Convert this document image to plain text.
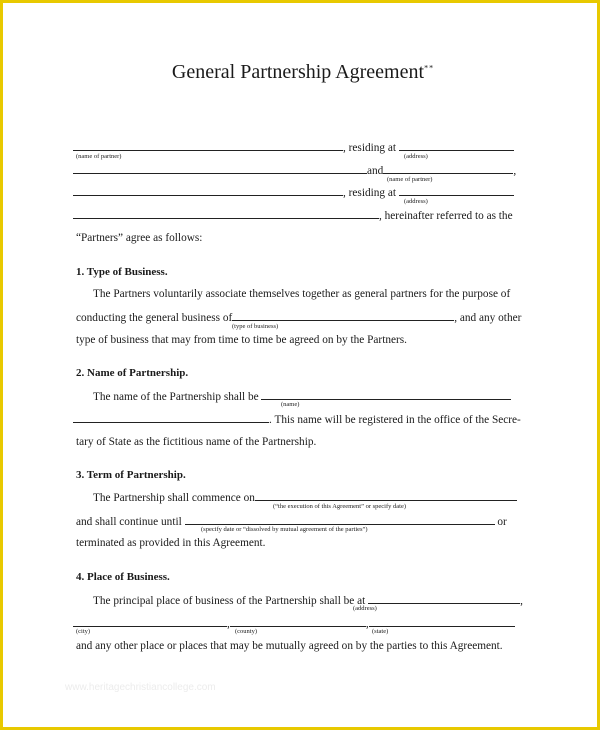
General Partnership Agreement**
, residing at
(name of partner)	(address)
and	,
(name of partner)
, residing at
(address)
, hereinafter referred to as the
“Partners” agree as follows:
1. Type of Business.
The Partners voluntarily associate themselves together as general partners for the purpose of
conducting the general business of	, and any other
(type of business)
type of business that may from time to time be agreed on by the Partners.
2. Name of Partnership.
The name of the Partnership shall be
(name)
. This name will be registered in the office of the Secre-
tary of State as the fictitious name of the Partnership.
3. Term of Partnership.
The Partnership shall commence on
(“the execution of this Agreement” or specify date)
and shall continue until	or
(specify date or “dissolved by mutual agreement of the parties”)
terminated as provided in this Agreement.
4. Place of Business.
The principal place of business of the Partnership shall be at	,
(address)
,	,
(city)	(county)	(state)
and any other place or places that may be mutually agreed on by the parties to this Agreement.
www.heritagechristiancollege.com
